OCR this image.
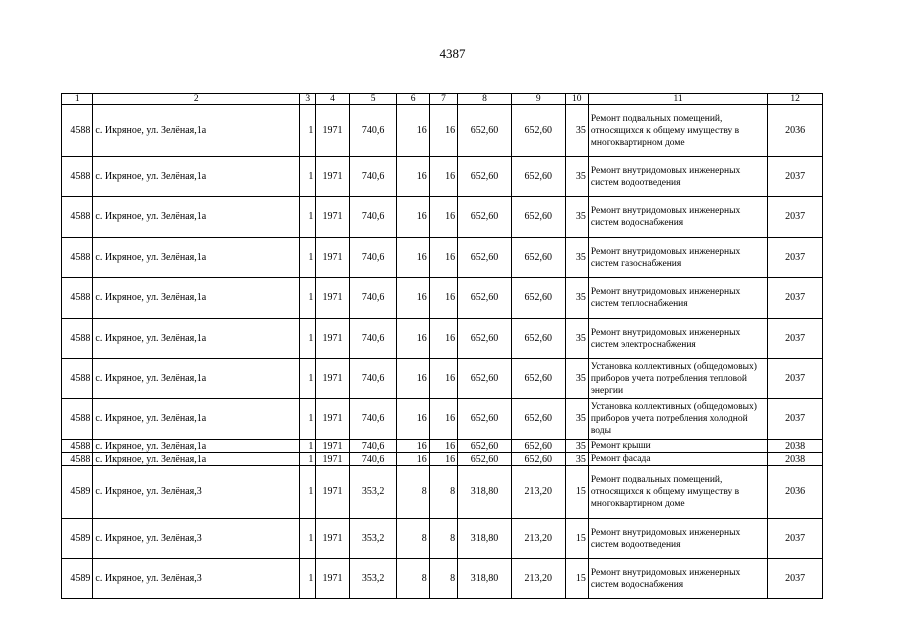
4387
1	2	3	4	5	6	7	8	9	10	11	12
4588	с. Икряное, ул. Зелёная,1а	1	1971	740,6	16	16	652,60	652,60	35	Ремонт подвальных помещений, относящихся к общему имуществу в многоквартирном доме	2036
4588	с. Икряное, ул. Зелёная,1а	1	1971	740,6	16	16	652,60	652,60	35	Ремонт внутридомовых инженерных систем водоотведения	2037
4588	с. Икряное, ул. Зелёная,1а	1	1971	740,6	16	16	652,60	652,60	35	Ремонт внутридомовых инженерных систем водоснабжения	2037
4588	с. Икряное, ул. Зелёная,1а	1	1971	740,6	16	16	652,60	652,60	35	Ремонт внутридомовых инженерных систем газоснабжения	2037
4588	с. Икряное, ул. Зелёная,1а	1	1971	740,6	16	16	652,60	652,60	35	Ремонт внутридомовых инженерных систем теплоснабжения	2037
4588	с. Икряное, ул. Зелёная,1а	1	1971	740,6	16	16	652,60	652,60	35	Ремонт внутридомовых инженерных систем электроснабжения	2037
4588	с. Икряное, ул. Зелёная,1а	1	1971	740,6	16	16	652,60	652,60	35	Установка коллективных (общедомовых) приборов учета потребления тепловой энергии	2037
4588	с. Икряное, ул. Зелёная,1а	1	1971	740,6	16	16	652,60	652,60	35	Установка коллективных (общедомовых) приборов учета потребления холодной воды	2037
4588	с. Икряное, ул. Зелёная,1а	1	1971	740,6	16	16	652,60	652,60	35	Ремонт крыши	2038
4588	с. Икряное, ул. Зелёная,1а	1	1971	740,6	16	16	652,60	652,60	35	Ремонт фасада	2038
4589	с. Икряное, ул. Зелёная,3	1	1971	353,2	8	8	318,80	213,20	15	Ремонт подвальных помещений, относящихся к общему имуществу в многоквартирном доме	2036
4589	с. Икряное, ул. Зелёная,3	1	1971	353,2	8	8	318,80	213,20	15	Ремонт внутридомовых инженерных систем водоотведения	2037
4589	с. Икряное, ул. Зелёная,3	1	1971	353,2	8	8	318,80	213,20	15	Ремонт внутридомовых инженерных систем водоснабжения	2037
